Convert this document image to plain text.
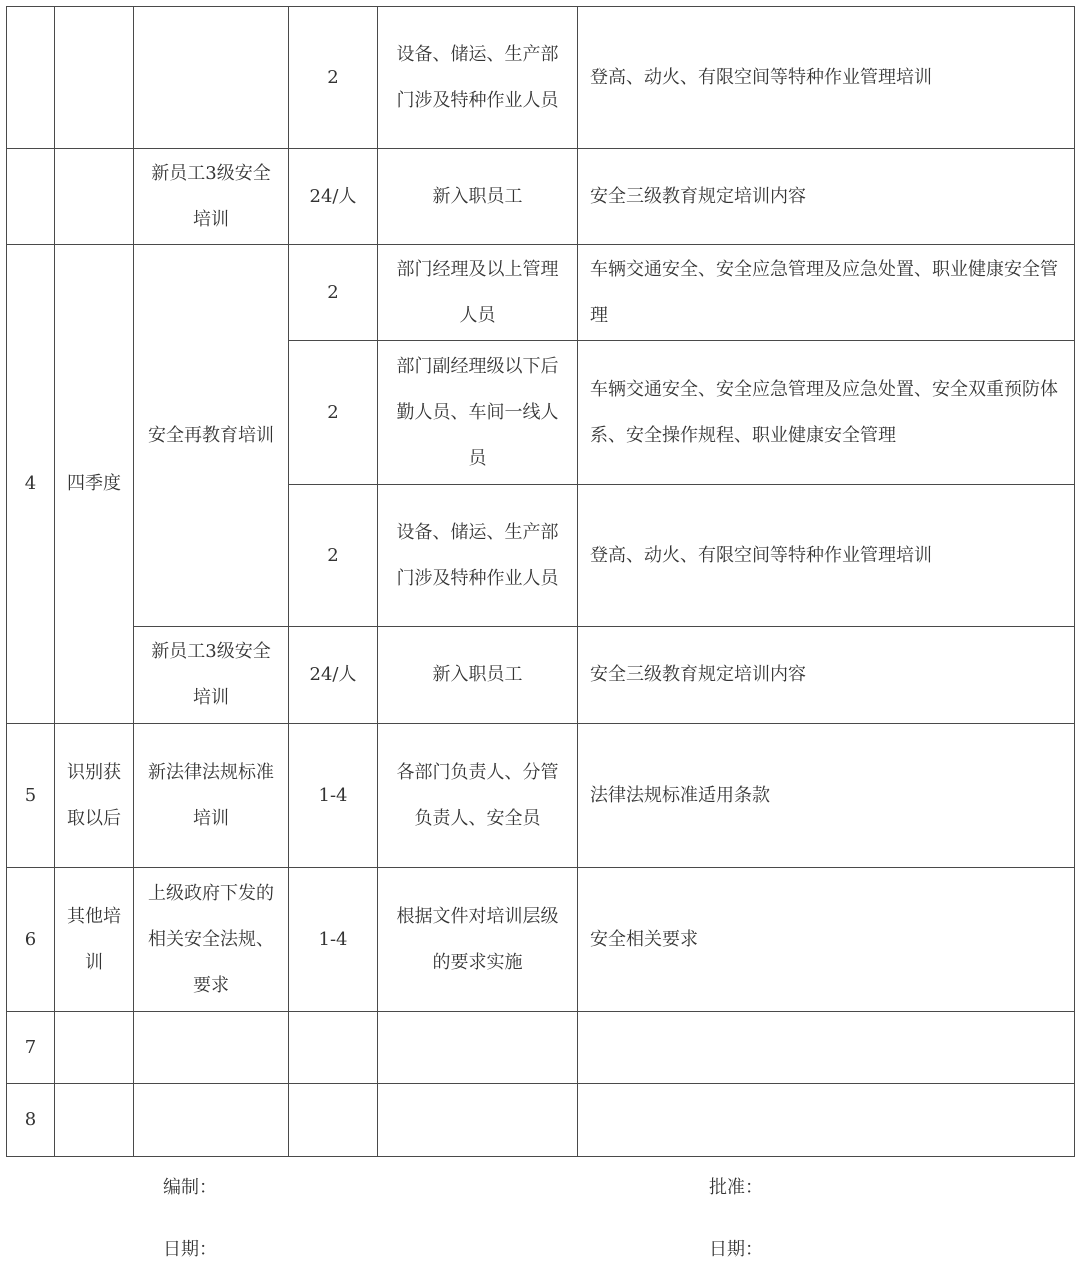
			2	设备、储运、生产部门涉及特种作业人员	登高、动火、有限空间等特种作业管理培训
		新员工3级安全培训	24/人	新入职员工	安全三级教育规定培训内容
4	四季度	安全再教育培训	2	部门经理及以上管理人员	车辆交通安全、安全应急管理及应急处置、职业健康安全管理
			2	部门副经理级以下后勤人员、车间一线人员	车辆交通安全、安全应急管理及应急处置、安全双重预防体系、安全操作规程、职业健康安全管理
			2	设备、储运、生产部门涉及特种作业人员	登高、动火、有限空间等特种作业管理培训
		新员工3级安全培训	24/人	新入职员工	安全三级教育规定培训内容
5	识别获取以后	新法律法规标准培训	1-4	各部门负责人、分管负责人、安全员	法律法规标准适用条款
6	其他培训	上级政府下发的相关安全法规、要求	1-4	根据文件对培训层级的要求实施	安全相关要求
7					
8					
编制：	批准：
日期：	日期：
